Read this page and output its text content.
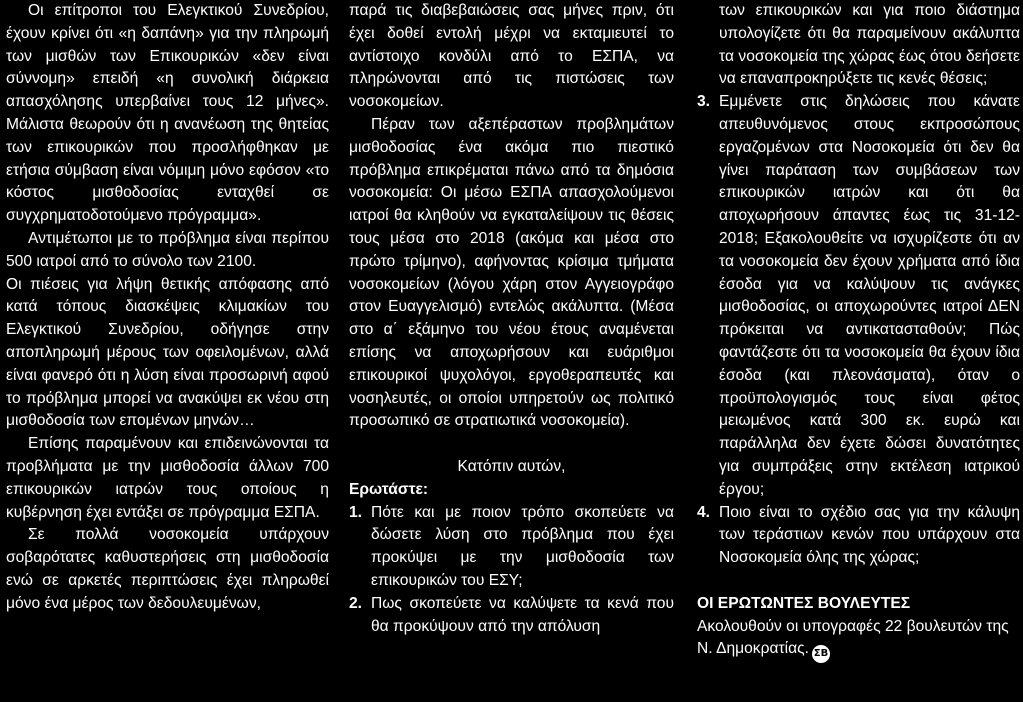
Οι επίτροποι του Ελεγκτικού Συνεδρίου, έχουν κρίνει ότι «η δαπάνη» για την πληρωμή των μισθών των Επικουρικών «δεν είναι σύννομη» επειδή «η συνολική διάρκεια απασχόλησης υπερβαίνει τους 12 μήνες». Μάλιστα θεωρούν ότι η ανανέωση της θητείας των επικουρικών που προσλήφθηκαν με ετήσια σύμβαση είναι νόμιμη μόνο εφόσον «το κόστος μισθοδοσίας ενταχθεί σε συγχρηματοδοτούμενο πρόγραμμα».

Αντιμέτωποι με το πρόβλημα είναι περίπου 500 ιατροί από το σύνολο των 2100.

Οι πιέσεις για λήψη θετικής απόφασης από κατά τόπους διασκέψεις κλιμακίων του Ελεγκτικού Συνεδρίου, οδήγησε στην αποπληρωμή μέρους των οφειλομένων, αλλά είναι φανερό ότι η λύση είναι προσωρινή αφού το πρόβλημα μπορεί να ανακύψει εκ νέου στη μισθοδοσία των επομένων μηνών…

Επίσης παραμένουν και επιδεινώνονται τα προβλήματα με την μισθοδοσία άλλων 700 επικουρικών ιατρών τους οποίους η κυβέρνηση έχει εντάξει σε πρόγραμμα ΕΣΠΑ.

Σε πολλά νοσοκομεία υπάρχουν σοβαρότατες καθυστερήσεις στη μισθοδοσία ενώ σε αρκετές περιπτώσεις έχει πληρωθεί μόνο ένα μέρος των δεδουλευμένων,

παρά τις διαβεβαιώσεις σας μήνες πριν, ότι έχει δοθεί εντολή μέχρι να εκταμιευτεί το αντίστοιχο κονδύλι από το ΕΣΠΑ, να πληρώνονται από τις πιστώσεις των νοσοκομείων.

Πέραν των αξεπέραστων προβλημάτων μισθοδοσίας ένα ακόμα πιο πιεστικό πρόβλημα επικρέμαται πάνω από τα δημόσια νοσοκομεία: Οι μέσω ΕΣΠΑ απασχολούμενοι ιατροί θα κληθούν να εγκαταλείψουν τις θέσεις τους μέσα στο 2018 (ακόμα και μέσα στο πρώτο τρίμηνο), αφήνοντας κρίσιμα τμήματα νοσοκομείων (λόγου χάρη στον Αγγειογράφο στον Ευαγγελισμό) εντελώς ακάλυπτα. (Μέσα στο α΄ εξάμηνο του νέου έτους αναμένεται επίσης να αποχωρήσουν και ευάριθμοι επικουρικοί ψυχολόγοι, εργοθεραπευτές και νοσηλευτές, οι οποίοι υπηρετούν ως πολιτικό προσωπικό σε στρατιωτικά νοσοκομεία).

Κατόπιν αυτών,

Ερωτάστε:

1. Πότε και με ποιον τρόπο σκοπεύετε να δώσετε λύση στο πρόβλημα που έχει προκύψει με την μισθοδοσία των επικουρικών του ΕΣΥ;

2. Πως σκοπεύετε να καλύψετε τα κενά που θα προκύψουν από την απόλυση

των επικουρικών και για ποιο διάστημα υπολογίζετε ότι θα παραμείνουν ακάλυπτα τα νοσοκομεία της χώρας έως ότου δεήσετε να επαναπροκηρύξετε τις κενές θέσεις;

3. Εμμένετε στις δηλώσεις που κάνατε απευθυνόμενος στους εκπροσώπους εργαζομένων στα Νοσοκομεία ότι δεν θα γίνει παράταση των συμβάσεων των επικουρικών ιατρών και ότι θα αποχωρήσουν άπαντες έως τις 31-12-2018; Εξακολουθείτε να ισχυρίζεστε ότι αν τα νοσοκομεία δεν έχουν χρήματα από ίδια έσοδα για να καλύψουν τις ανάγκες μισθοδοσίας, οι αποχωρούντες ιατροί ΔΕΝ πρόκειται να αντικατασταθούν; Πώς φαντάζεστε ότι τα νοσοκομεία θα έχουν ίδια έσοδα (και πλεονάσματα), όταν ο προϋπολογισμός τους είναι φέτος μειωμένος κατά 300 εκ. ευρώ και παράλληλα δεν έχετε δώσει δυνατότητες για συμπράξεις στην εκτέλεση ιατρικού έργου;

4. Ποιο είναι το σχέδιο σας για την κάλυψη των τεράστιων κενών που υπάρχουν στα Νοσοκομεία όλης της χώρας;

ΟΙ ΕΡΩΤΩΝΤΕΣ ΒΟΥΛΕΥΤΕΣ

Ακολουθούν οι υπογραφές 22 βουλευτών της Ν. Δημοκρατίας. ΣΒ
